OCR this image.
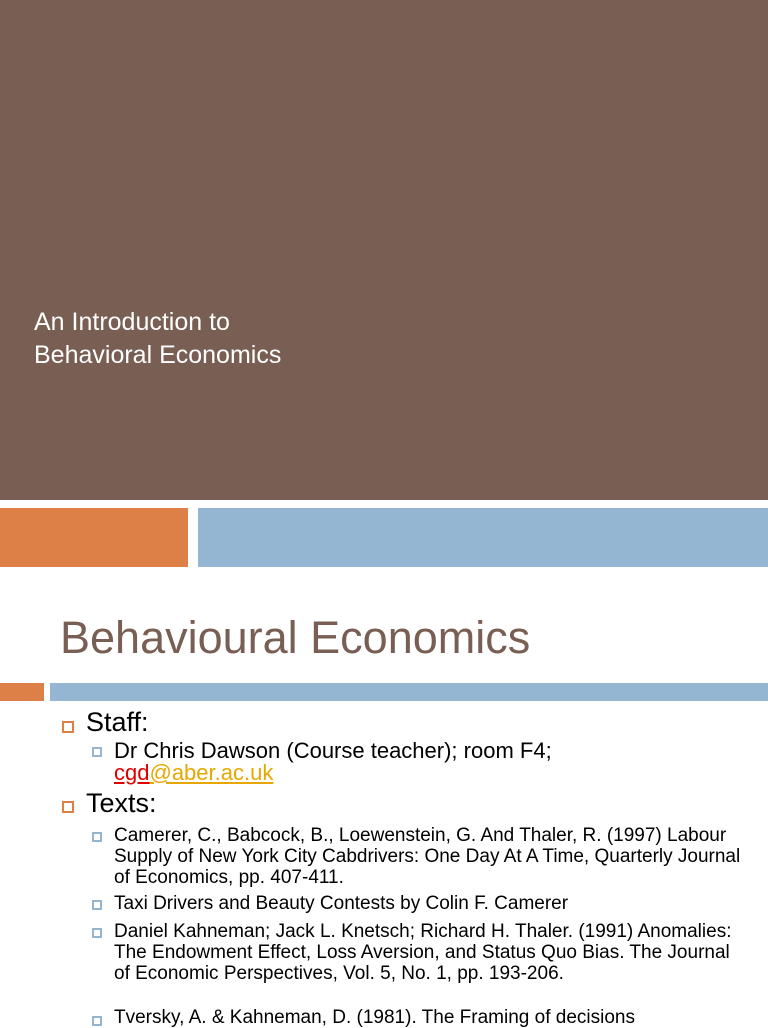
An Introduction to
Behavioral Economics
Behavioural Economics
Staff:
Dr Chris Dawson (Course teacher); room F4;
cgd@aber.ac.uk
Texts:
Camerer, C., Babcock, B., Loewenstein, G. And Thaler, R. (1997) Labour Supply of New York City Cabdrivers: One Day At A Time, Quarterly Journal of Economics, pp. 407-411.
Taxi Drivers and Beauty Contests by Colin F. Camerer
Daniel Kahneman; Jack L. Knetsch; Richard H. Thaler. (1991) Anomalies: The Endowment Effect, Loss Aversion, and Status Quo Bias. The Journal of Economic Perspectives, Vol. 5, No. 1, pp. 193-206.
Tversky, A. & Kahneman, D. (1981). The Framing of decisions
